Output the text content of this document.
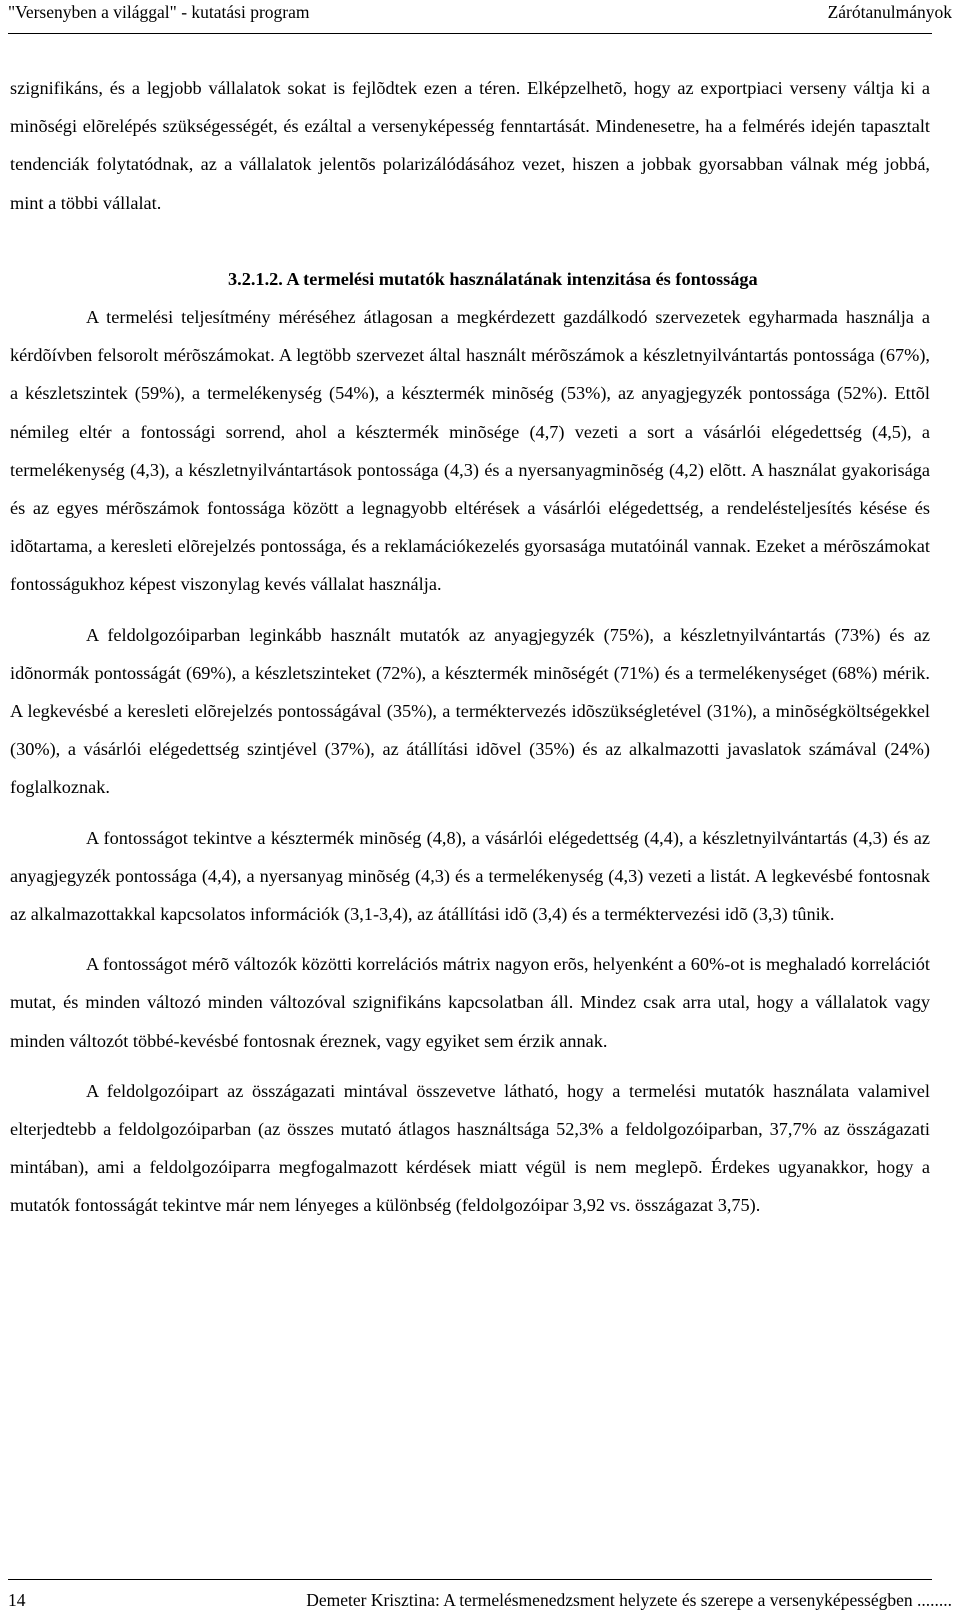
"Versenyben a világgal" - kutatási program	Zárótanulmányok

szignifikáns, és a legjobb vállalatok sokat is fejlõdtek ezen a téren. Elképzelhetõ, hogy az exportpiaci verseny váltja ki a minõségi elõrelépés szükségességét, és ezáltal a versenyképesség fenntartását. Mindenesetre, ha a felmérés idején tapasztalt tendenciák folytatódnak, az a vállalatok jelentõs polarizálódásához vezet, hiszen a jobbak gyorsabban válnak még jobbá, mint a többi vállalat.

3.2.1.2. A termelési mutatók használatának intenzitása és fontossága

A termelési teljesítmény méréséhez átlagosan a megkérdezett gazdálkodó szervezetek egyharmada használja a kérdõívben felsorolt mérõszámokat. A legtöbb szervezet által használt mérõszámok a készletnyilvántartás pontossága (67%), a készletszintek (59%), a termelékenység (54%), a késztermék minõség (53%), az anyagjegyzék pontossága (52%). Ettõl némileg eltér a fontossági sorrend, ahol a késztermék minõsége (4,7) vezeti a sort a vásárlói elégedettség (4,5), a termelékenység (4,3), a készletnyilvántartások pontossága (4,3) és a nyersanyagminõség (4,2) elõtt. A használat gyakorisága és az egyes mérõszámok fontossága között a legnagyobb eltérések a vásárlói elégedettség, a rendelésteljesítés késése és idõtartama, a keresleti elõrejelzés pontossága, és a reklamációkezelés gyorsasága mutatóinál vannak. Ezeket a mérõszámokat fontosságukhoz képest viszonylag kevés vállalat használja.

A feldolgozóiparban leginkább használt mutatók az anyagjegyzék (75%), a készletnyilvántartás (73%) és az idõnormák pontosságát (69%), a készletszinteket (72%), a késztermék minõségét (71%) és a termelékenységet (68%) mérik. A legkevésbé a keresleti elõrejelzés pontosságával (35%), a terméktervezés idõszükségletével (31%), a minõségköltségekkel (30%), a vásárlói elégedettség szintjével (37%), az átállítási idõvel (35%) és az alkalmazotti javaslatok számával (24%) foglalkoznak.

A fontosságot tekintve a késztermék minõség (4,8), a vásárlói elégedettség (4,4), a készletnyilvántartás (4,3) és az anyagjegyzék pontossága (4,4), a nyersanyag minõség (4,3) és a termelékenység (4,3) vezeti a listát. A legkevésbé fontosnak az alkalmazottakkal kapcsolatos információk (3,1-3,4), az átállítási idõ (3,4) és a terméktervezési idõ (3,3) tûnik.

A fontosságot mérõ változók közötti korrelációs mátrix nagyon erõs, helyenként a 60%-ot is meghaladó korrelációt mutat, és minden változó minden változóval szignifikáns kapcsolatban áll. Mindez csak arra utal, hogy a vállalatok vagy minden változót többé-kevésbé fontosnak éreznek, vagy egyiket sem érzik annak.

A feldolgozóipart az összágazati mintával összevetve látható, hogy a termelési mutatók használata valamivel elterjedtebb a feldolgozóiparban (az összes mutató átlagos használtsága 52,3% a feldolgozóiparban, 37,7% az összágazati mintában), ami a feldolgozóiparra megfogalmazott kérdések miatt végül is nem meglepõ. Érdekes ugyanakkor, hogy a mutatók fontosságát tekintve már nem lényeges a különbség (feldolgozóipar 3,92 vs. összágazat 3,75).

14	Demeter Krisztina: A termelésmenedzsment helyzete és szerepe a versenyképességben ........
